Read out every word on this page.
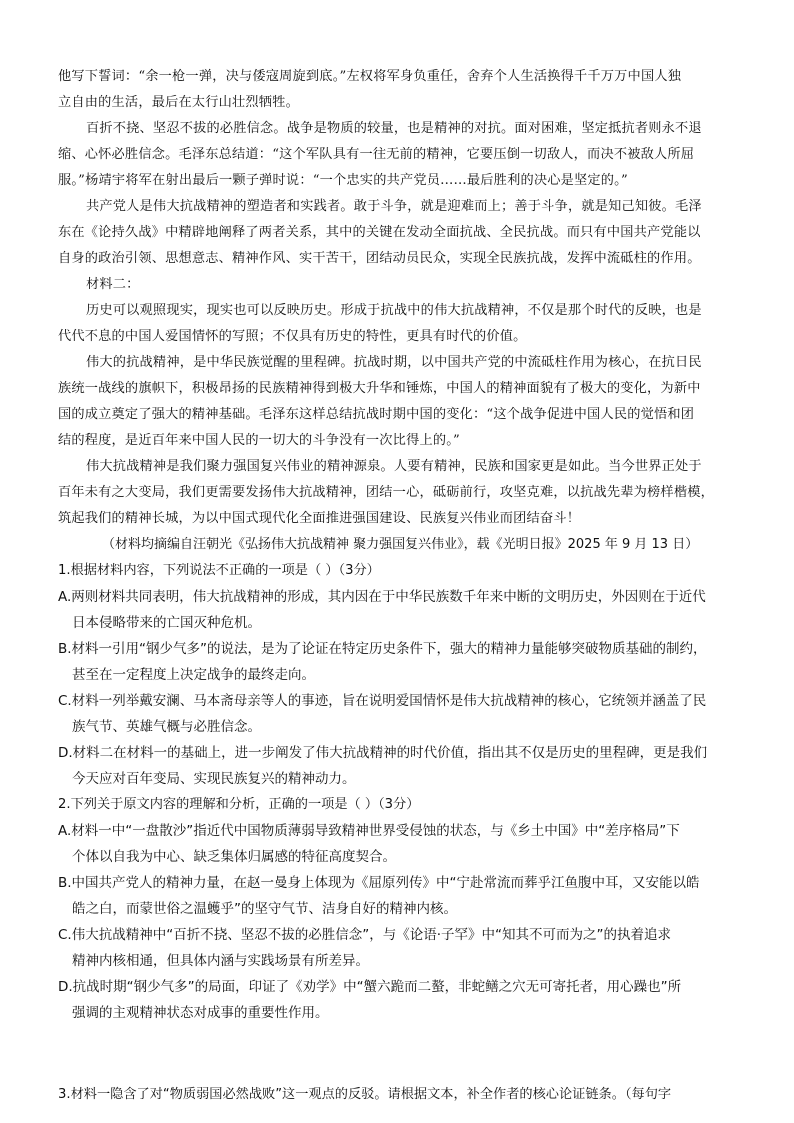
他写下誓词：“余一枪一弹，决与倭寇周旋到底。”左权将军身负重任，舍弃个人生活换得千千万万中国人独
立自由的生活，最后在太行山壮烈牺牲。
百折不挠、坚忍不拔的必胜信念。战争是物质的较量，也是精神的对抗。面对困难，坚定抵抗者则永不退
缩、心怀必胜信念。毛泽东总结道：“这个军队具有一往无前的精神，它要压倒一切敌人，而决不被敌人所屈
服。”杨靖宇将军在射出最后一颗子弹时说：“一个忠实的共产党员……最后胜利的决心是坚定的。”
共产党人是伟大抗战精神的塑造者和实践者。敢于斗争，就是迎难而上；善于斗争，就是知己知彼。毛泽
东在《论持久战》中精辟地阐释了两者关系，其中的关键在发动全面抗战、全民抗战。而只有中国共产党能以
自身的政治引领、思想意志、精神作风、实干苦干，团结动员民众，实现全民族抗战，发挥中流砥柱的作用。
材料二：
历史可以观照现实，现实也可以反映历史。形成于抗战中的伟大抗战精神，不仅是那个时代的反映，也是
代代不息的中国人爱国情怀的写照；不仅具有历史的特性，更具有时代的价值。
伟大的抗战精神，是中华民族觉醒的里程碑。抗战时期，以中国共产党的中流砥柱作用为核心，在抗日民
族统一战线的旗帜下，积极昂扬的民族精神得到极大升华和锤炼，中国人的精神面貌有了极大的变化，为新中
国的成立奠定了强大的精神基础。毛泽东这样总结抗战时期中国的变化：“这个战争促进中国人民的觉悟和团
结的程度，是近百年来中国人民的一切大的斗争没有一次比得上的。”
伟大抗战精神是我们聚力强国复兴伟业的精神源泉。人要有精神，民族和国家更是如此。当今世界正处于
百年未有之大变局，我们更需要发扬伟大抗战精神，团结一心，砥砺前行，攻坚克难，以抗战先辈为榜样楷模，
筑起我们的精神长城，为以中国式现代化全面推进强国建设、民族复兴伟业而团结奋斗！
（材料均摘编自汪朝光《弘扬伟大抗战精神 聚力强国复兴伟业》，载《光明日报》2025 年 9 月 13 日）
1.根据材料内容，下列说法不正确的一项是（ ）（3分）
A.两则材料共同表明，伟大抗战精神的形成，其内因在于中华民族数千年来中断的文明历史，外因则在于近代
日本侵略带来的亡国灭种危机。
B.材料一引用“钢少气多”的说法，是为了论证在特定历史条件下，强大的精神力量能够突破物质基础的制约，
甚至在一定程度上决定战争的最终走向。
C.材料一列举戴安澜、马本斋母亲等人的事迹，旨在说明爱国情怀是伟大抗战精神的核心，它统领并涵盖了民
族气节、英雄气概与必胜信念。
D.材料二在材料一的基础上，进一步阐发了伟大抗战精神的时代价值，指出其不仅是历史的里程碑，更是我们
今天应对百年变局、实现民族复兴的精神动力。
2.下列关于原文内容的理解和分析，正确的一项是（ ）（3分）
A.材料一中“一盘散沙”指近代中国物质薄弱导致精神世界受侵蚀的状态，与《乡土中国》中“差序格局”下
个体以自我为中心、缺乏集体归属感的特征高度契合。
B.中国共产党人的精神力量，在赵一曼身上体现为《屈原列传》中“宁赴常流而葬乎江鱼腹中耳，又安能以皓
皓之白，而蒙世俗之温蠖乎”的坚守气节、洁身自好的精神内核。
C.伟大抗战精神中“百折不挠、坚忍不拔的必胜信念”，与《论语·子罕》中“知其不可而为之”的执着追求
精神内核相通，但具体内涵与实践场景有所差异。
D.抗战时期“钢少气多”的局面，印证了《劝学》中“蟹六跪而二螯，非蛇鳝之穴无可寄托者，用心躁也”所
强调的主观精神状态对成事的重要性作用。
3.材料一隐含了对“物质弱国必然战败”这一观点的反驳。请根据文本，补全作者的核心论证链条。（每句字
